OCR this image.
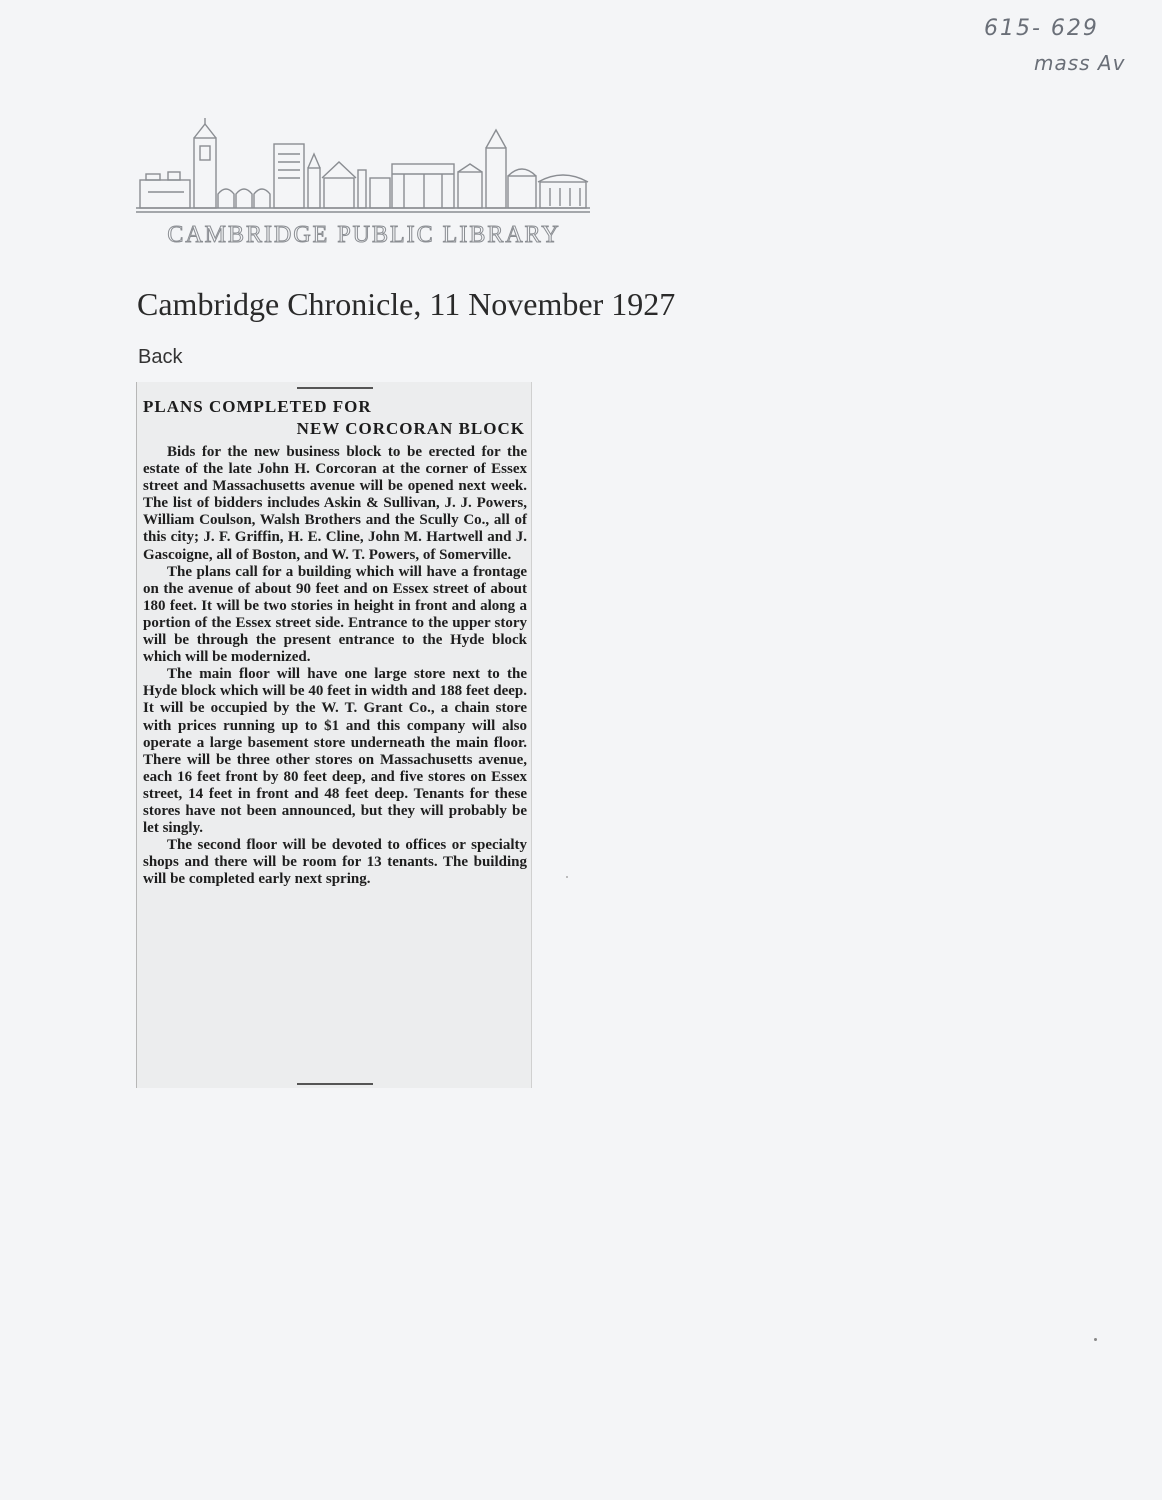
615- 629
mass Av
CAMBRIDGE PUBLIC LIBRARY
Cambridge Chronicle, 11 November 1927
Back
PLANS COMPLETED FOR
NEW CORCORAN BLOCK

Bids for the new business block to be erected for the estate of the late John H. Corcoran at the corner of Essex street and Massachusetts avenue will be opened next week. The list of bidders includes Askin & Sullivan, J. J. Powers, William Coulson, Walsh Brothers and the Scully Co., all of this city; J. F. Griffin, H. E. Cline, John M. Hartwell and J. Gascoigne, all of Boston, and W. T. Powers, of Somerville.

The plans call for a building which will have a frontage on the avenue of about 90 feet and on Essex street of about 180 feet. It will be two stories in height in front and along a portion of the Essex street side. Entrance to the upper story will be through the present entrance to the Hyde block which will be modernized.

The main floor will have one large store next to the Hyde block which will be 40 feet in width and 188 feet deep. It will be occupied by the W. T. Grant Co., a chain store with prices running up to $1 and this company will also operate a large basement store underneath the main floor. There will be three other stores on Massachusetts avenue, each 16 feet front by 80 feet deep, and five stores on Essex street, 14 feet in front and 48 feet deep. Tenants for these stores have not been announced, but they will probably be let singly.

The second floor will be devoted to offices or specialty shops and there will be room for 13 tenants. The building will be completed early next spring.
